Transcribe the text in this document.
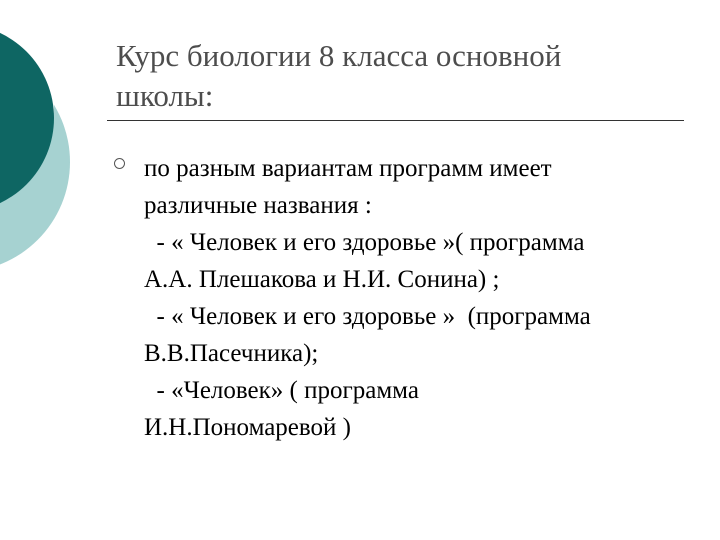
Курс биологии 8 класса основной
школы:
по разным вариантам программ имеет
различные названия :
- « Человек и его здоровье »( программа
А.А. Плешакова и Н.И. Сонина) ;
- « Человек и его здоровье »  (программа
В.В.Пасечника);
- «Человек» ( программа
И.Н.Пономаревой )
